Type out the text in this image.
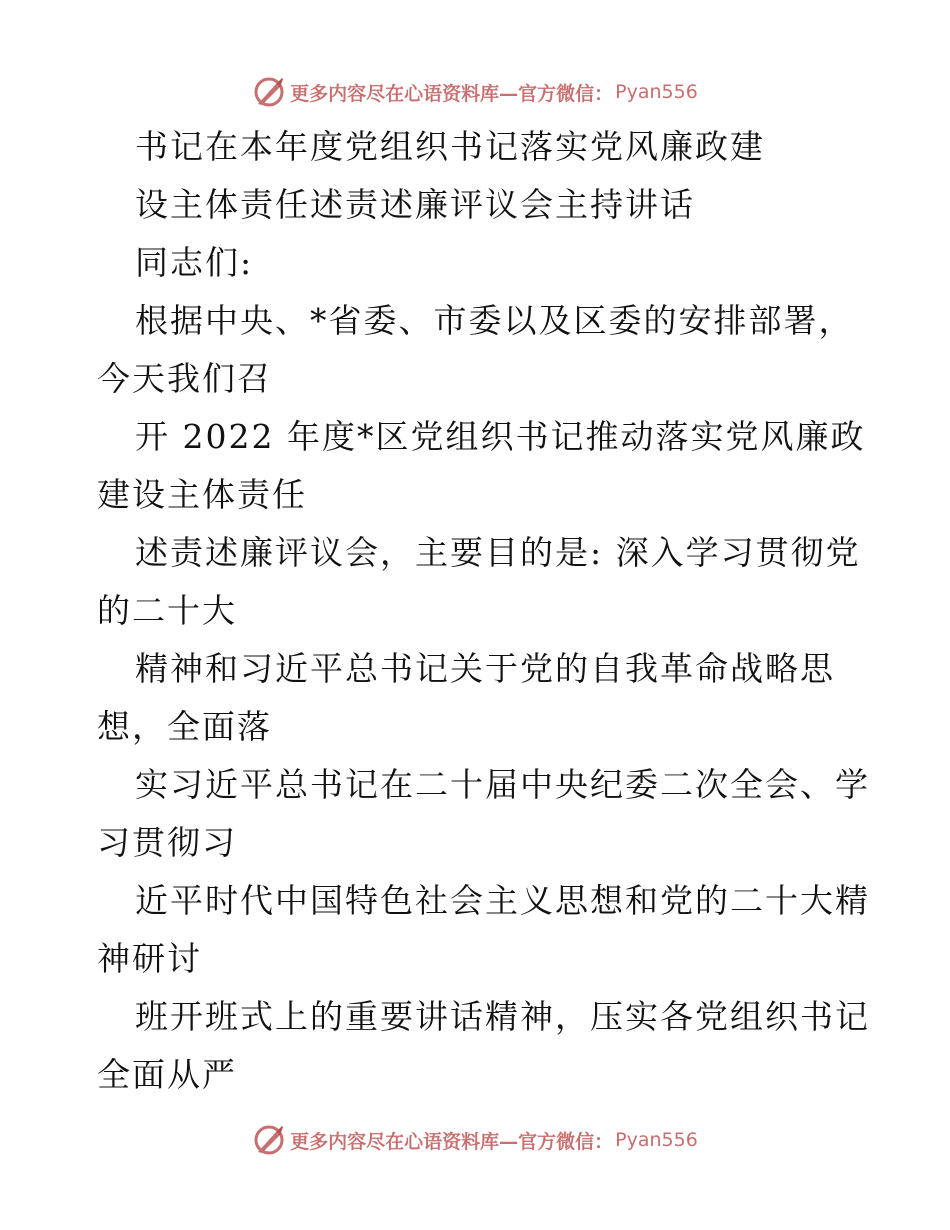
更多内容尽在心语资料库—官方微信： Pyan556

书记在本年度党组织书记落实党风廉政建

设主体责任述责述廉评议会主持讲话

同志们:

根据中央、*省委、市委以及区委的安排部署，

今天我们召

开 2022 年度*区党组织书记推动落实党风廉政

建设主体责任

述责述廉评议会，主要目的是: 深入学习贯彻党

的二十大

精神和习近平总书记关于党的自我革命战略思

想，全面落

实习近平总书记在二十届中央纪委二次全会、学

习贯彻习

近平时代中国特色社会主义思想和党的二十大精

神研讨

班开班式上的重要讲话精神，压实各党组织书记

全面从严

更多内容尽在心语资料库—官方微信： Pyan556
